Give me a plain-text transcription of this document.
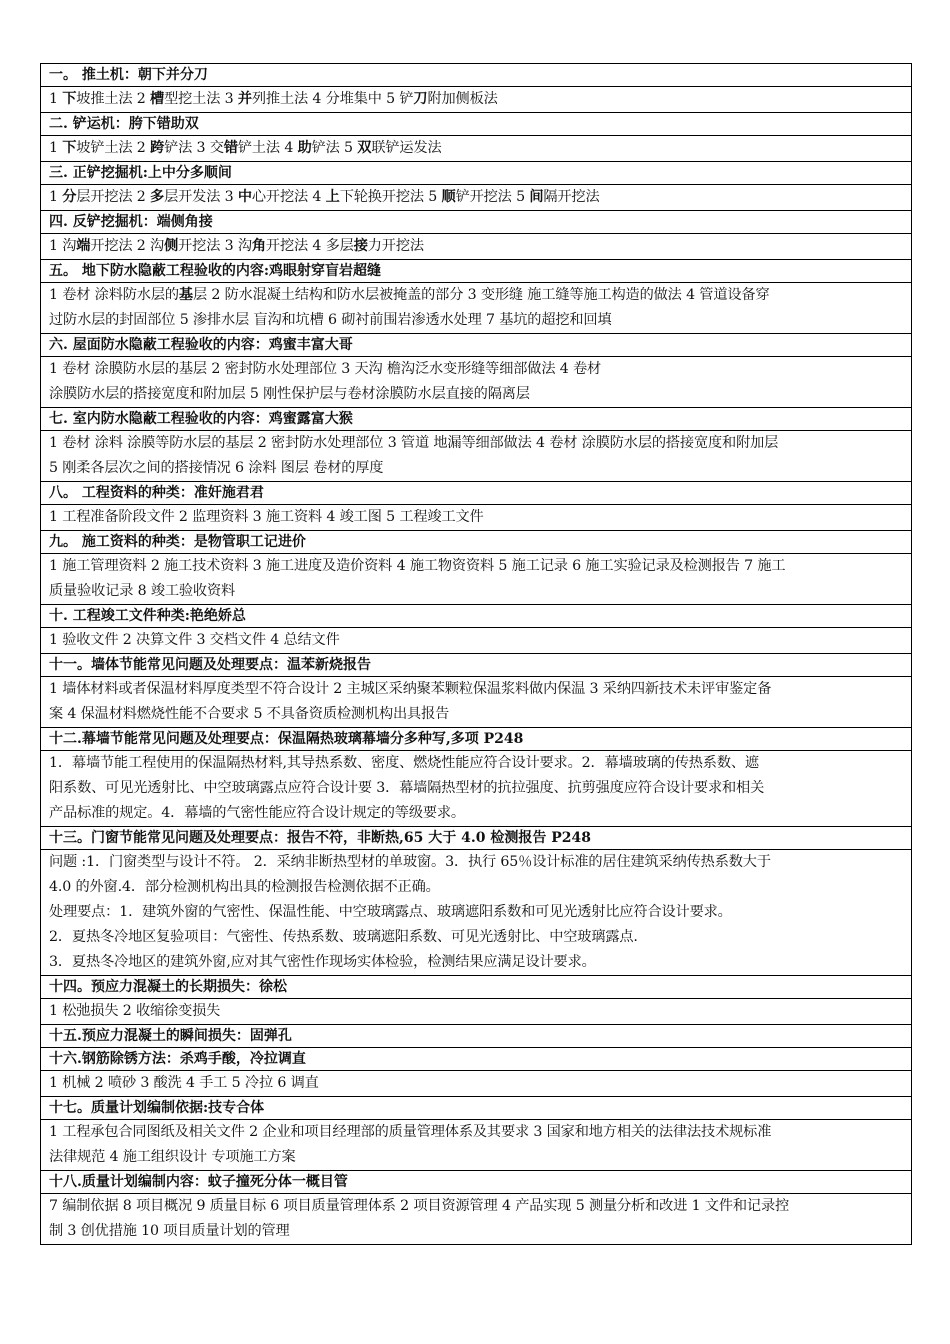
一。 推土机：朝下并分刀

1 下坡推土法 2 槽型挖土法 3 并列推土法 4 分堆集中 5 铲刀附加侧板法

二. 铲运机：胯下错助双

1 下坡铲土法 2 跨铲法 3 交错铲土法 4 助铲法 5 双联铲运发法

三. 正铲挖掘机:上中分多顺间

1 分层开挖法 2 多层开发法 3 中心开挖法 4 上下轮换开挖法 5 顺铲开挖法 5 间隔开挖法

四. 反铲挖掘机：端侧角接

1 沟端开挖法 2 沟侧开挖法 3 沟角开挖法 4 多层接力开挖法

五。 地下防水隐蔽工程验收的内容:鸡眼射穿盲岩超缝

1 卷材 涂料防水层的基层 2 防水混凝土结构和防水层被掩盖的部分 3 变形缝 施工缝等施工构造的做法 4 管道设备穿
过防水层的封固部位 5 渗排水层 盲沟和坑槽 6 砌衬前围岩渗透水处理 7 基坑的超挖和回填

六. 屋面防水隐蔽工程验收的内容：鸡蜜丰富大哥

1 卷材 涂膜防水层的基层 2 密封防水处理部位 3 天沟 檐沟泛水变形缝等细部做法 4 卷材
涂膜防水层的搭接宽度和附加层 5 刚性保护层与卷材涂膜防水层直接的隔离层

七. 室内防水隐蔽工程验收的内容：鸡蜜露富大猴

1 卷材 涂料 涂膜等防水层的基层 2 密封防水处理部位 3 管道 地漏等细部做法 4 卷材 涂膜防水层的搭接宽度和附加层
5 刚柔各层次之间的搭接情况 6 涂料 图层 卷材的厚度

八。 工程资料的种类：准奸施君君

1 工程准备阶段文件 2 监理资料 3 施工资料 4 竣工图 5 工程竣工文件

九。 施工资料的种类：是物管职工记进价

1 施工管理资料 2 施工技术资料 3 施工进度及造价资料 4 施工物资资料 5 施工记录 6 施工实验记录及检测报告 7 施工
质量验收记录 8 竣工验收资料

十. 工程竣工文件种类:艳绝娇总

1 验收文件 2 决算文件 3 交档文件 4 总结文件

十一。墙体节能常见问题及处理要点：温苯新烧报告

1 墙体材料或者保温材料厚度类型不符合设计 2 主城区采纳聚苯颗粒保温浆料做内保温 3 采纳四新技术未评审鉴定备
案 4 保温材料燃烧性能不合要求 5 不具备资质检测机构出具报告

十二.幕墙节能常见问题及处理要点：保温隔热玻璃幕墙分多种写,多项 P248

1．幕墙节能工程使用的保温隔热材料,其导热系数、密度、燃烧性能应符合设计要求。2．幕墙玻璃的传热系数、遮
阳系数、可见光透射比、中空玻璃露点应符合设计要 3．幕墙隔热型材的抗拉强度、抗剪强度应符合设计要求和相关
产品标准的规定。4．幕墙的气密性能应符合设计规定的等级要求。

十三。门窗节能常见问题及处理要点：报告不符，非断热,65 大于 4.0 检测报告 P248

问题 :1．门窗类型与设计不符。 2．采纳非断热型材的单玻窗。3．执行 65％设计标准的居住建筑采纳传热系数大于
4.0 的外窗.4．部分检测机构出具的检测报告检测依据不正确。
处理要点：1．建筑外窗的气密性、保温性能、中空玻璃露点、玻璃遮阳系数和可见光透射比应符合设计要求。
2．夏热冬冷地区复验项目：气密性、传热系数、玻璃遮阳系数、可见光透射比、中空玻璃露点.
3．夏热冬冷地区的建筑外窗,应对其气密性作现场实体检验，检测结果应满足设计要求。

十四。预应力混凝土的长期损失：徐松

1 松弛损失 2 收缩徐变损失

十五.预应力混凝土的瞬间损失：固弹孔

十六.钢筋除锈方法：杀鸡手酸，冷拉调直

1 机械 2 喷砂 3 酸洗 4 手工 5 冷拉 6 调直

十七。质量计划编制依据:技专合体

1 工程承包合同图纸及相关文件 2 企业和项目经理部的质量管理体系及其要求 3 国家和地方相关的法律法技术规标准
法律规范 4 施工组织设计 专项施工方案

十八.质量计划编制内容：蚊子撞死分体一概目管

7 编制依据 8 项目概况 9 质量目标 6 项目质量管理体系 2 项目资源管理 4 产品实现 5 测量分析和改进 1 文件和记录控
制 3 创优措施 10 项目质量计划的管理
